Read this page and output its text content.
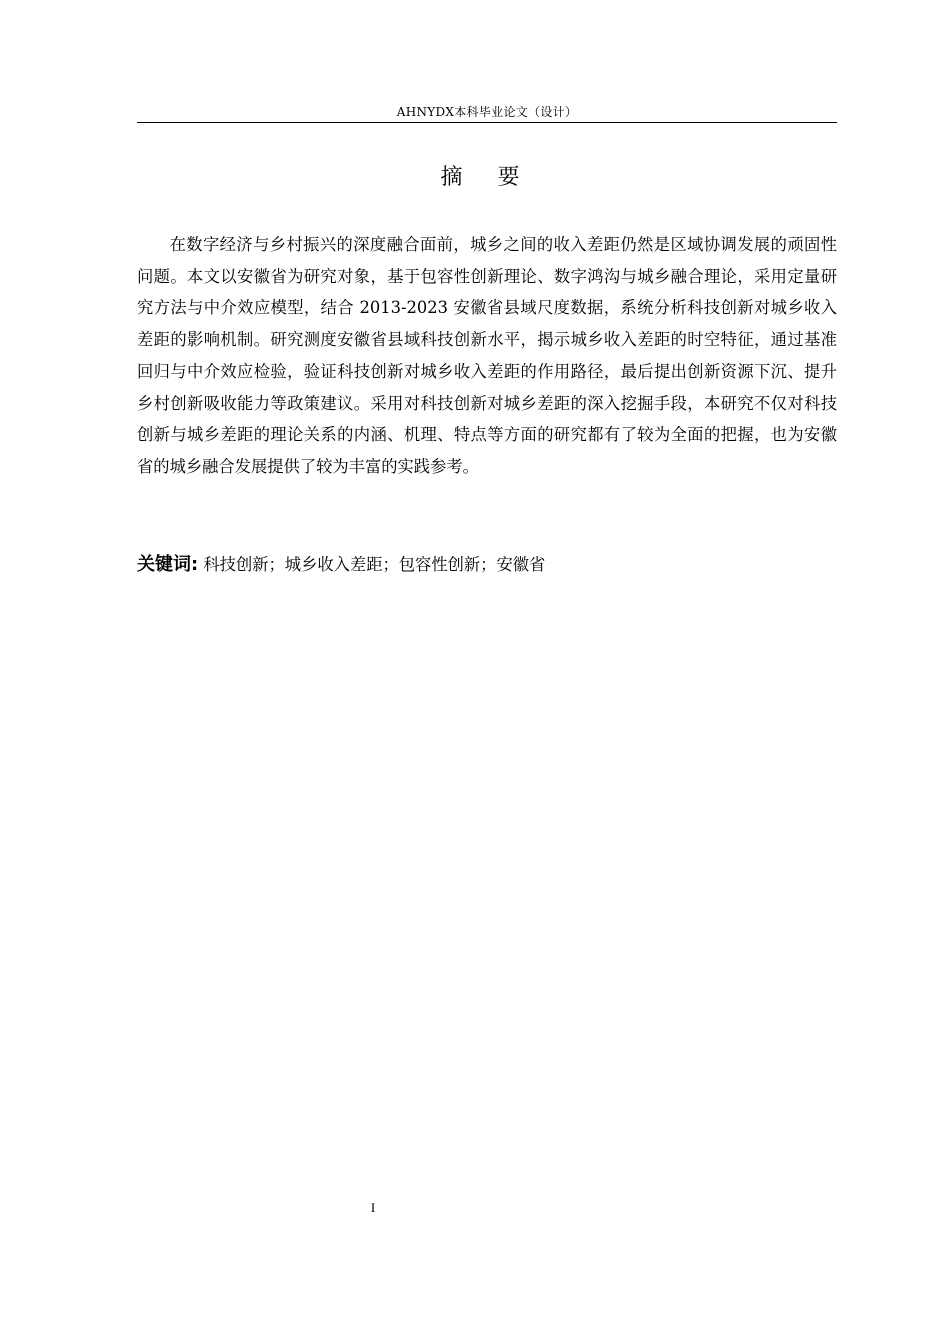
AHNYDX本科毕业论文（设计）
摘 要

在数字经济与乡村振兴的深度融合面前，城乡之间的收入差距仍然是区域协调发展的顽固性问题。本文以安徽省为研究对象，基于包容性创新理论、数字鸿沟与城乡融合理论，采用定量研究方法与中介效应模型，结合 2013-2023 安徽省县域尺度数据，系统分析科技创新对城乡收入差距的影响机制。研究测度安徽省县域科技创新水平，揭示城乡收入差距的时空特征，通过基准回归与中介效应检验，验证科技创新对城乡收入差距的作用路径，最后提出创新资源下沉、提升乡村创新吸收能力等政策建议。采用对科技创新对城乡差距的深入挖掘手段，本研究不仅对科技创新与城乡差距的理论关系的内涵、机理、特点等方面的研究都有了较为全面的把握，也为安徽省的城乡融合发展提供了较为丰富的实践参考。

关键词: 科技创新；城乡收入差距；包容性创新；安徽省
I
